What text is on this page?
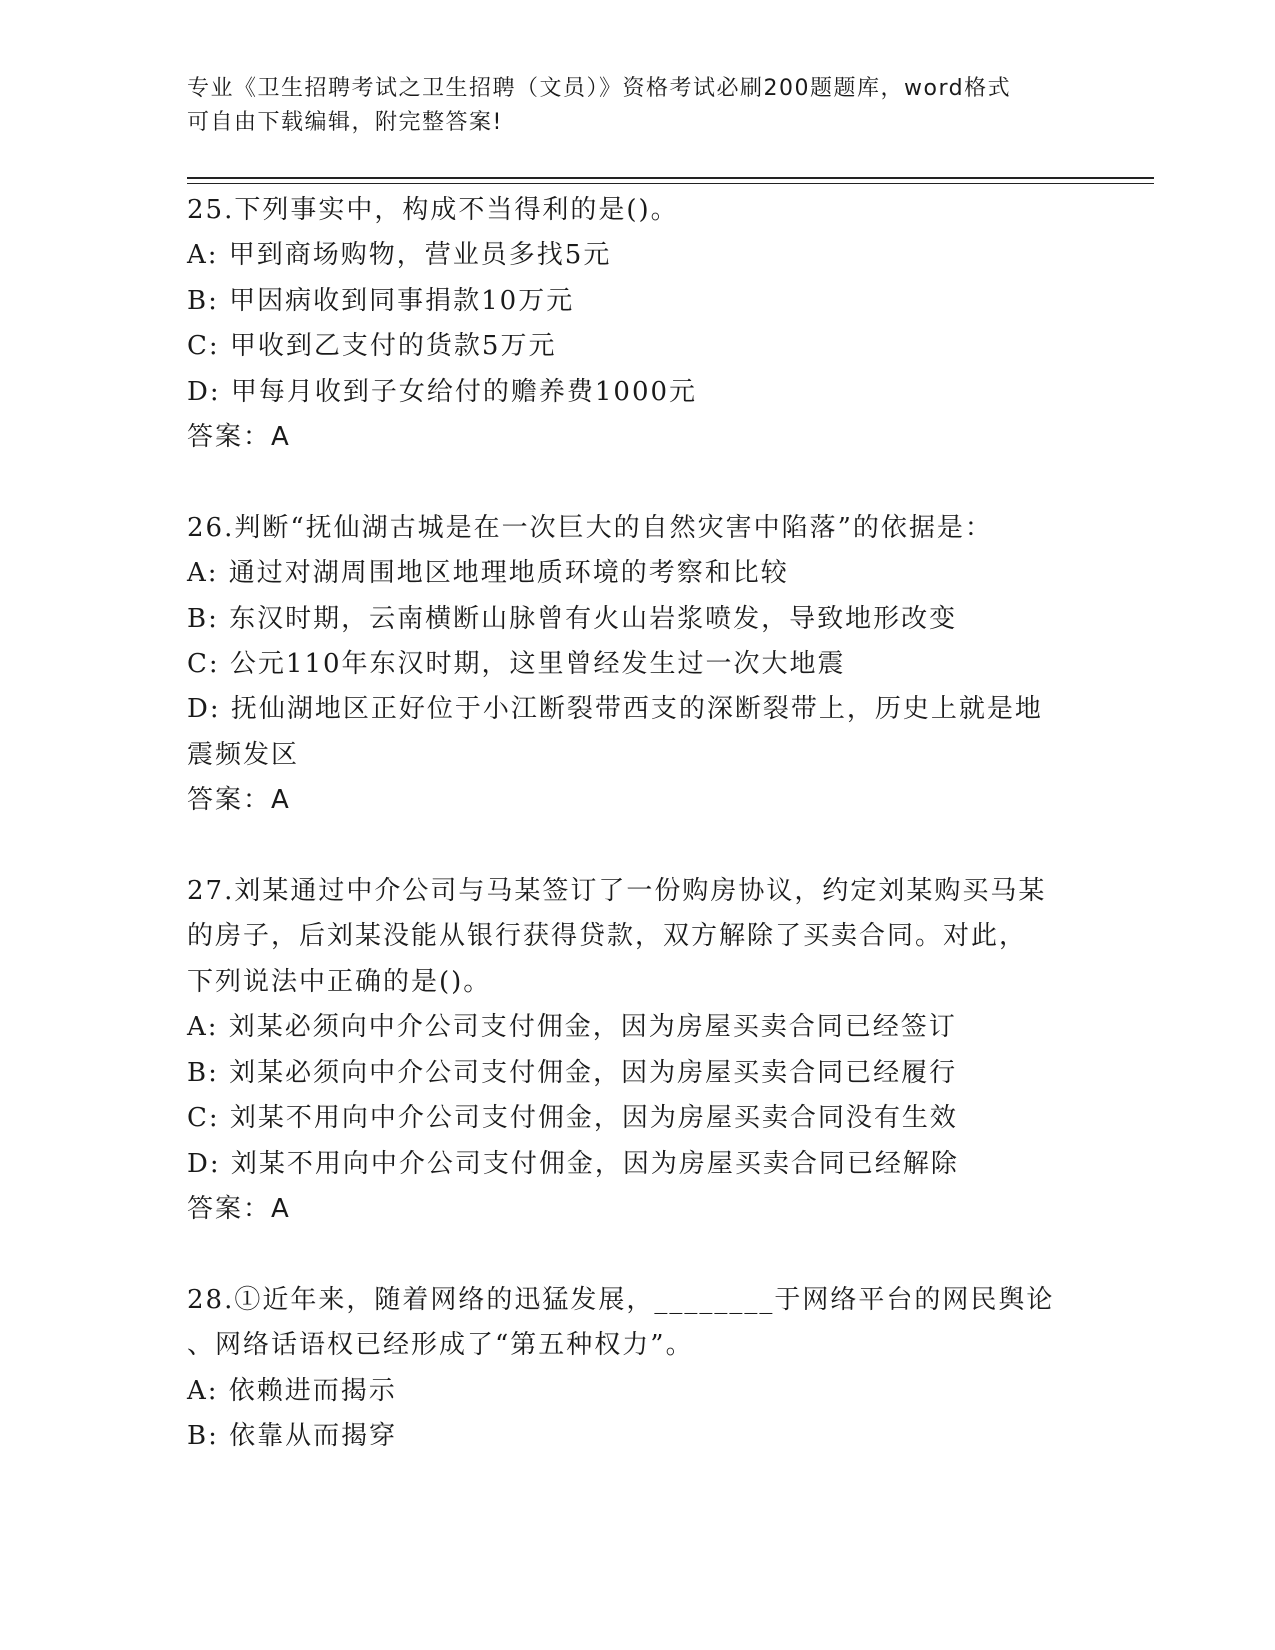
专业《卫生招聘考试之卫生招聘（文员）》资格考试必刷200题题库，word格式
可自由下载编辑，附完整答案!
25.下列事实中，构成不当得利的是()。
A: 甲到商场购物，营业员多找5元
B: 甲因病收到同事捐款10万元
C: 甲收到乙支付的货款5万元
D: 甲每月收到子女给付的赡养费1000元
答案：A
26.判断“抚仙湖古城是在一次巨大的自然灾害中陷落”的依据是：
A: 通过对湖周围地区地理地质环境的考察和比较
B: 东汉时期，云南横断山脉曾有火山岩浆喷发，导致地形改变
C: 公元110年东汉时期，这里曾经发生过一次大地震
D: 抚仙湖地区正好位于小江断裂带西支的深断裂带上，历史上就是地
震频发区
答案：A
27.刘某通过中介公司与马某签订了一份购房协议，约定刘某购买马某
的房子，后刘某没能从银行获得贷款，双方解除了买卖合同。对此，
下列说法中正确的是()。
A: 刘某必须向中介公司支付佣金，因为房屋买卖合同已经签订
B: 刘某必须向中介公司支付佣金，因为房屋买卖合同已经履行
C: 刘某不用向中介公司支付佣金，因为房屋买卖合同没有生效
D: 刘某不用向中介公司支付佣金，因为房屋买卖合同已经解除
答案：A
28.①近年来，随着网络的迅猛发展，________于网络平台的网民舆论
、网络话语权已经形成了“第五种权力”。
A: 依赖进而揭示
B: 依靠从而揭穿
